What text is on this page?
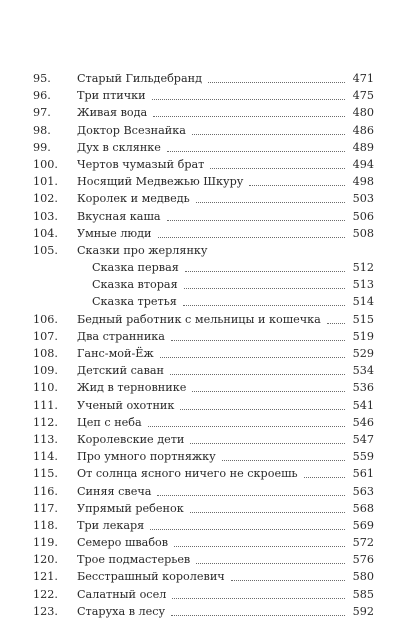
95.	Старый Гильдебранд	471
96.	Три птички	475
97.	Живая вода	480
98.	Доктор Всезнайка	486
99.	Дух в склянке	489
100.	Чертов чумазый брат	494
101.	Носящий Медвежью Шкуру	498
102.	Королек и медведь	503
103.	Вкусная каша	506
104.	Умные люди	508
105.	Сказки про жерлянку
Сказка первая	512
Сказка вторая	513
Сказка третья	514
106.	Бедный работник с мельницы и кошечка	515
107.	Два странника	519
108.	Ганс-мой-Ёж	529
109.	Детский саван	534
110.	Жид в терновнике	536
111.	Ученый охотник	541
112.	Цеп с неба	546
113.	Королевские дети	547
114.	Про умного портняжку	559
115.	От солнца ясного ничего не скроешь	561
116.	Синяя свеча	563
117.	Упрямый ребенок	568
118.	Три лекаря	569
119.	Семеро швабов	572
120.	Трое подмастерьев	576
121.	Бесстрашный королевич	580
122.	Салатный осел	585
123.	Старуха в лесу	592
